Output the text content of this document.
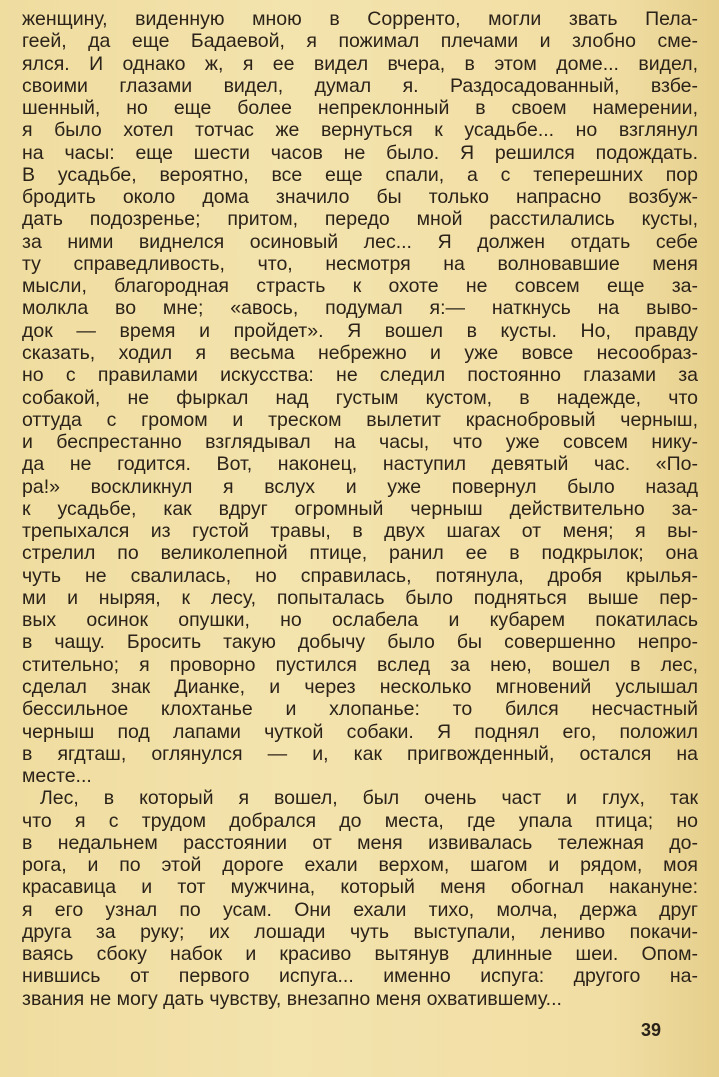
женщину, виденную мною в Сорренто, могли звать Пела-
геей, да еще Бадаевой, я пожимал плечами и злобно сме-
ялся. И однако ж, я ее видел вчера, в этом доме... видел,
своими глазами видел, думал я. Раздосадованный, взбе-
шенный, но еще более непреклонный в своем намерении,
я было хотел тотчас же вернуться к усадьбе... но взглянул
на часы: еще шести часов не было. Я решился подождать.
В усадьбе, вероятно, все еще спали, а с теперешних пор
бродить около дома значило бы только напрасно возбуж-
дать подозренье; притом, передо мной расстилались кусты,
за ними виднелся осиновый лес... Я должен отдать себе
ту справедливость, что, несмотря на волновавшие меня
мысли, благородная страсть к охоте не совсем еще за-
молкла во мне; «авось, подумал я:— наткнусь на выво-
док — время и пройдет». Я вошел в кусты. Но, правду
сказать, ходил я весьма небрежно и уже вовсе несообраз-
но с правилами искусства: не следил постоянно глазами за
собакой, не фыркал над густым кустом, в надежде, что
оттуда с громом и треском вылетит краснобровый черныш,
и беспрестанно взглядывал на часы, что уже совсем нику-
да не годится. Вот, наконец, наступил девятый час. «По-
ра!» воскликнул я вслух и уже повернул было назад
к усадьбе, как вдруг огромный черныш действительно за-
трепыхался из густой травы, в двух шагах от меня; я вы-
стрелил по великолепной птице, ранил ее в подкрылок; она
чуть не свалилась, но справилась, потянула, дробя крылья-
ми и ныряя, к лесу, попыталась было подняться выше пер-
вых осинок опушки, но ослабела и кубарем покатилась
в чащу. Бросить такую добычу было бы совершенно непро-
стительно; я проворно пустился вслед за нею, вошел в лес,
сделал знак Дианке, и через несколько мгновений услышал
бессильное клохтанье и хлопанье: то бился несчастный
черныш под лапами чуткой собаки. Я поднял его, положил
в ягдташ, оглянулся — и, как пригвожденный, остался на
месте...
Лес, в который я вошел, был очень част и глух, так
что я с трудом добрался до места, где упала птица; но
в недальнем расстоянии от меня извивалась тележная до-
рога, и по этой дороге ехали верхом, шагом и рядом, моя
красавица и тот мужчина, который меня обогнал накануне:
я его узнал по усам. Они ехали тихо, молча, держа друг
друга за руку; их лошади чуть выступали, лениво покачи-
ваясь сбоку набок и красиво вытянув длинные шеи. Опом-
нившись от первого испуга... именно испуга: другого на-
звания не могу дать чувству, внезапно меня охватившему...
39
